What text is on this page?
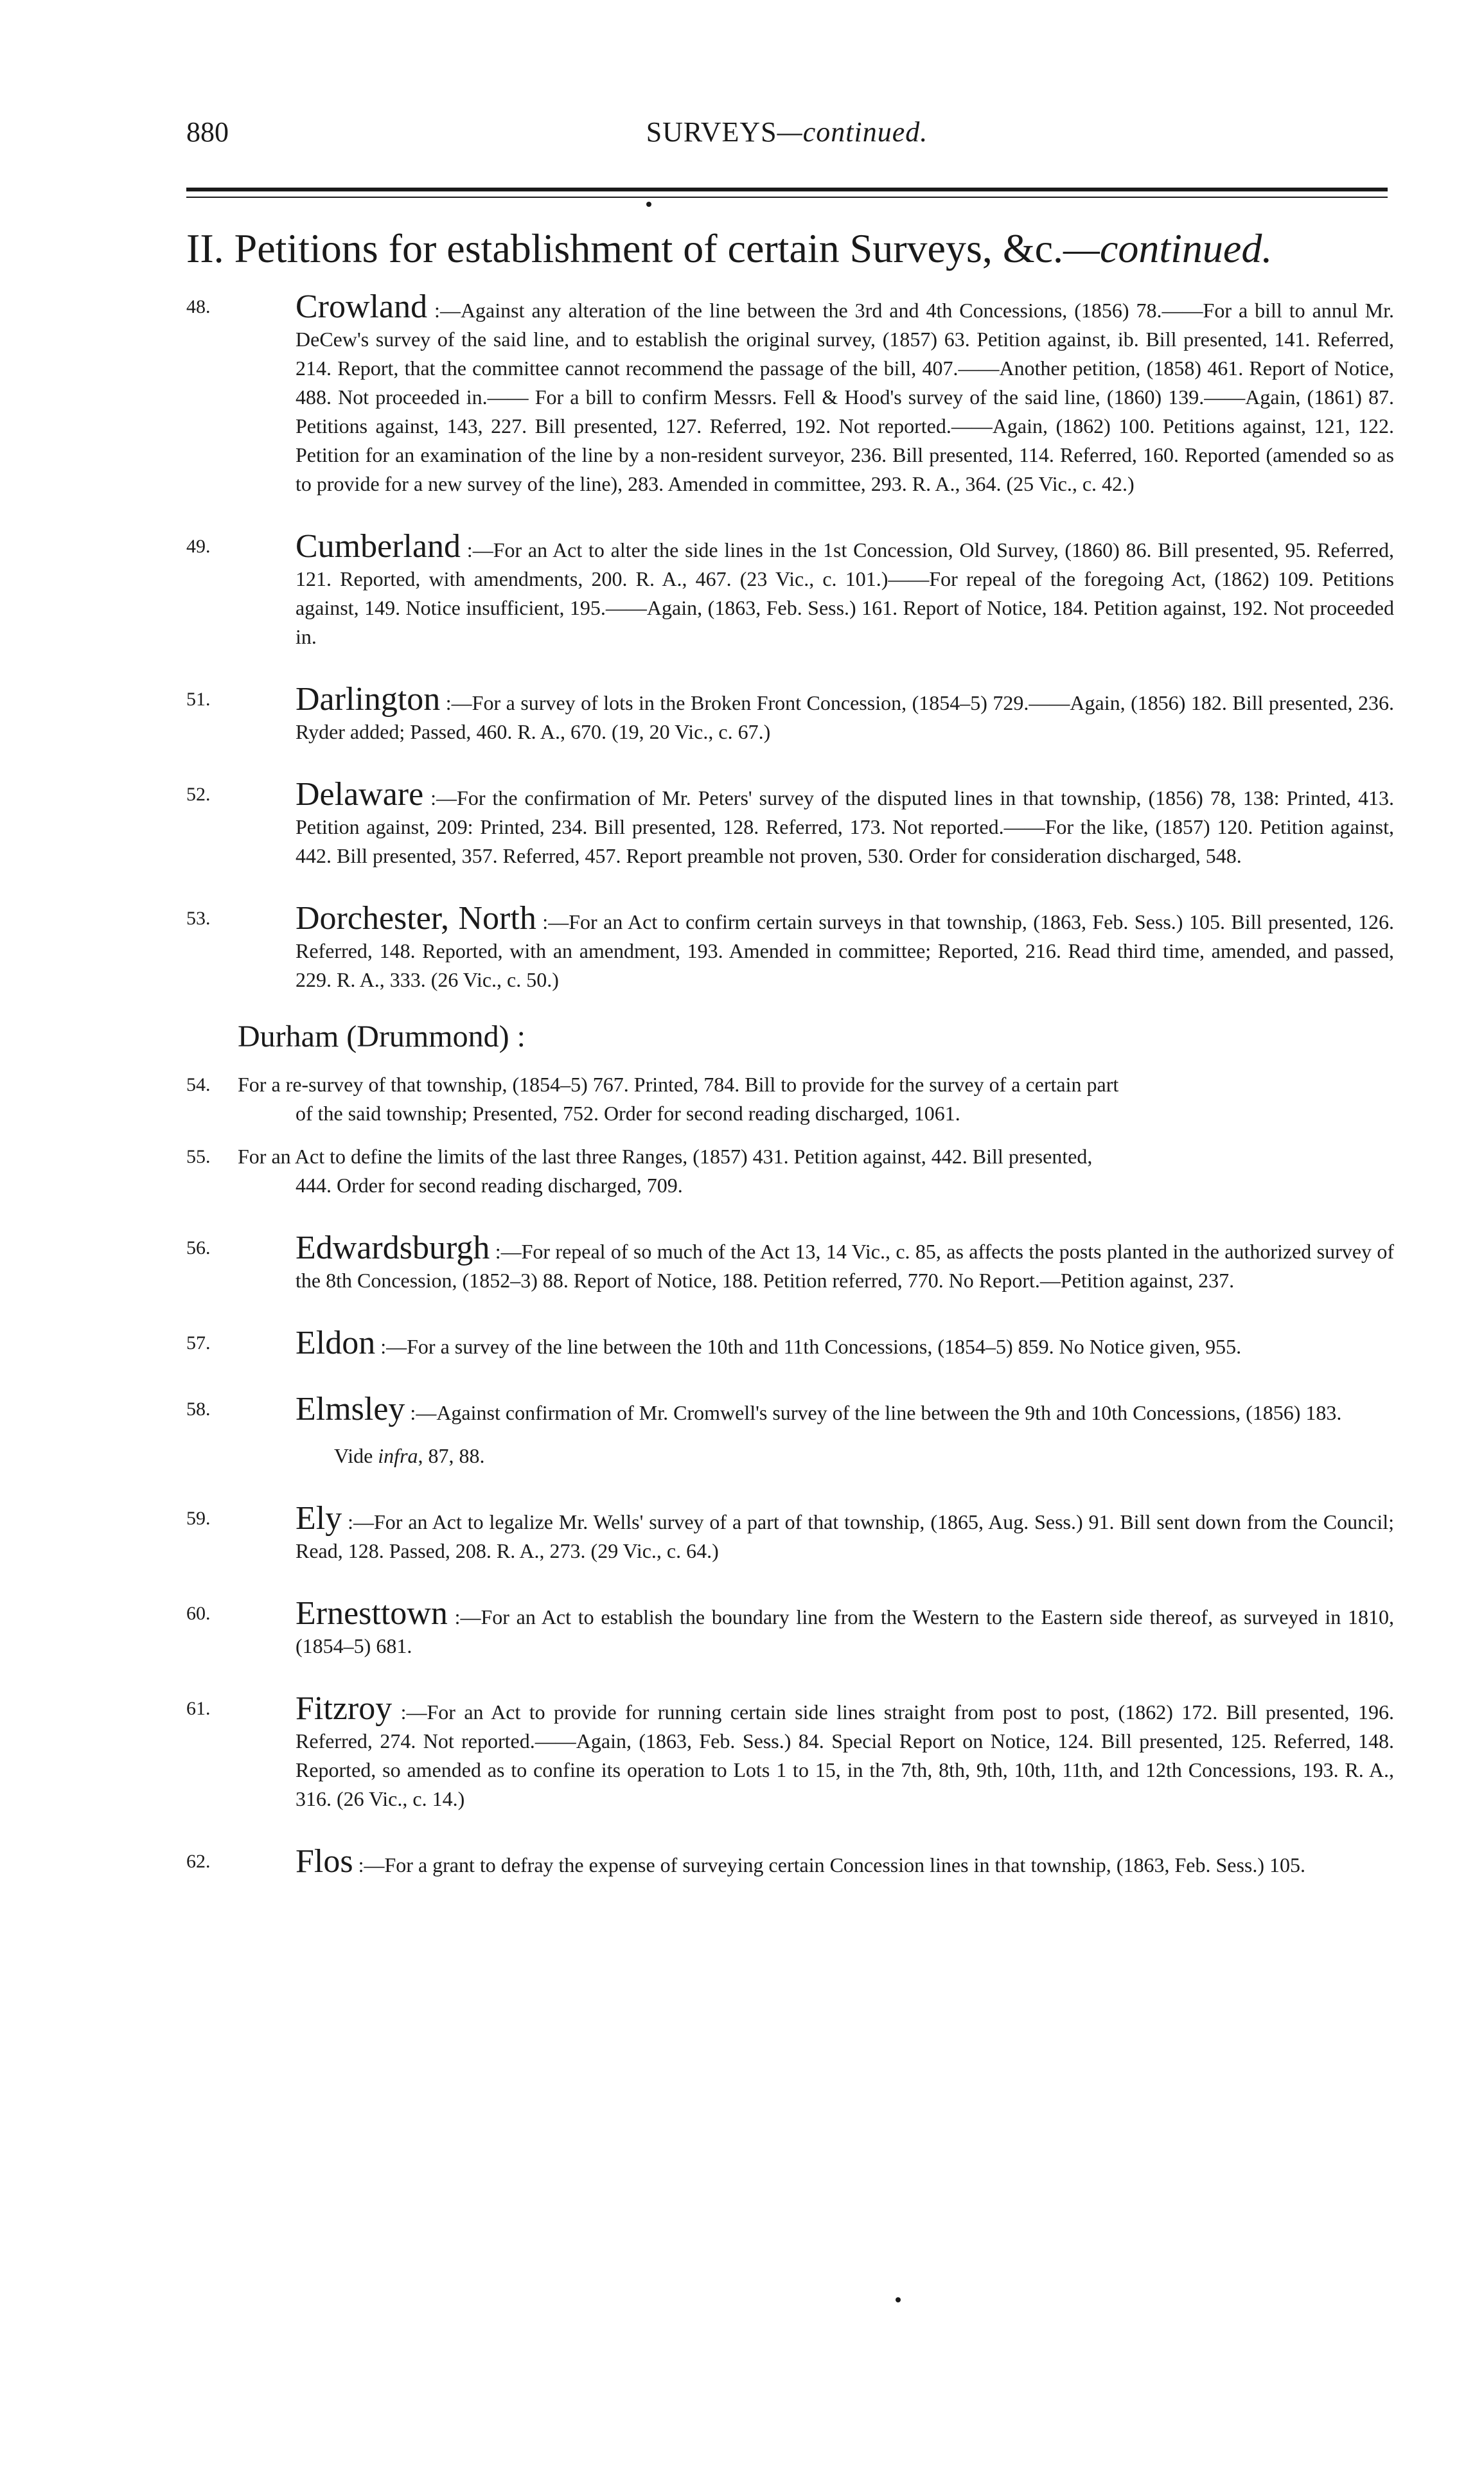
880	SURVEYS—continued.
II. Petitions for establishment of certain Surveys, &c.—continued.
48.	Crowland :—Against any alteration of the line between the 3rd and 4th Concessions, (1856) 78.——For a bill to annul Mr. DeCew's survey of the said line, and to establish the original survey, (1857) 63. Petition against, ib. Bill presented, 141. Referred, 214. Report, that the committee cannot recommend the passage of the bill, 407.——Another petition, (1858) 461. Report of Notice, 488. Not proceeded in.—— For a bill to confirm Messrs. Fell & Hood's survey of the said line, (1860) 139.——Again, (1861) 87. Petitions against, 143, 227. Bill presented, 127. Referred, 192. Not reported.——Again, (1862) 100. Petitions against, 121, 122. Petition for an examination of the line by a non-resident surveyor, 236. Bill presented, 114. Referred, 160. Reported (amended so as to provide for a new survey of the line), 283. Amended in committee, 293. R. A., 364. (25 Vic., c. 42.)
49.	Cumberland :—For an Act to alter the side lines in the 1st Concession, Old Survey, (1860) 86. Bill presented, 95. Referred, 121. Reported, with amendments, 200. R. A., 467. (23 Vic., c. 101.)——For repeal of the foregoing Act, (1862) 109. Petitions against, 149. Notice insufficient, 195.——Again, (1863, Feb. Sess.) 161. Report of Notice, 184. Petition against, 192. Not proceeded in.
51.	Darlington :—For a survey of lots in the Broken Front Concession, (1854–5) 729.——Again, (1856) 182. Bill presented, 236. Ryder added; Passed, 460. R. A., 670. (19, 20 Vic., c. 67.)
52.	Delaware :—For the confirmation of Mr. Peters' survey of the disputed lines in that township, (1856) 78, 138: Printed, 413. Petition against, 209: Printed, 234. Bill presented, 128. Referred, 173. Not reported.——For the like, (1857) 120. Petition against, 442. Bill presented, 357. Referred, 457. Report preamble not proven, 530. Order for consideration discharged, 548.
53.	Dorchester, North :—For an Act to confirm certain surveys in that township, (1863, Feb. Sess.) 105. Bill presented, 126. Referred, 148. Reported, with an amendment, 193. Amended in committee; Reported, 216. Read third time, amended, and passed, 229. R. A., 333. (26 Vic., c. 50.)
Durham (Drummond) :
54. For a re-survey of that township, (1854–5) 767. Printed, 784. Bill to provide for the survey of a certain part
of the said township; Presented, 752. Order for second reading discharged, 1061.
55. For an Act to define the limits of the last three Ranges, (1857) 431. Petition against, 442. Bill presented,
444. Order for second reading discharged, 709.
56.	Edwardsburgh :—For repeal of so much of the Act 13, 14 Vic., c. 85, as affects the posts planted in the authorized survey of the 8th Concession, (1852–3) 88. Report of Notice, 188. Petition referred, 770. No Report.—Petition against, 237.
57.	Eldon :—For a survey of the line between the 10th and 11th Concessions, (1854–5) 859. No Notice given, 955.
58.	Elmsley :—Against confirmation of Mr. Cromwell's survey of the line between the 9th and 10th Concessions, (1856) 183.
Vide infra, 87, 88.
59.	Ely :—For an Act to legalize Mr. Wells' survey of a part of that township, (1865, Aug. Sess.) 91. Bill sent down from the Council; Read, 128. Passed, 208. R. A., 273. (29 Vic., c. 64.)
60.	Ernesttown :—For an Act to establish the boundary line from the Western to the Eastern side thereof, as surveyed in 1810, (1854–5) 681.
61.	Fitzroy :—For an Act to provide for running certain side lines straight from post to post, (1862) 172. Bill presented, 196. Referred, 274. Not reported.——Again, (1863, Feb. Sess.) 84. Special Report on Notice, 124. Bill presented, 125. Referred, 148. Reported, so amended as to confine its operation to Lots 1 to 15, in the 7th, 8th, 9th, 10th, 11th, and 12th Concessions, 193. R. A., 316. (26 Vic., c. 14.)
62.	Flos :—For a grant to defray the expense of surveying certain Concession lines in that township, (1863, Feb. Sess.) 105.
